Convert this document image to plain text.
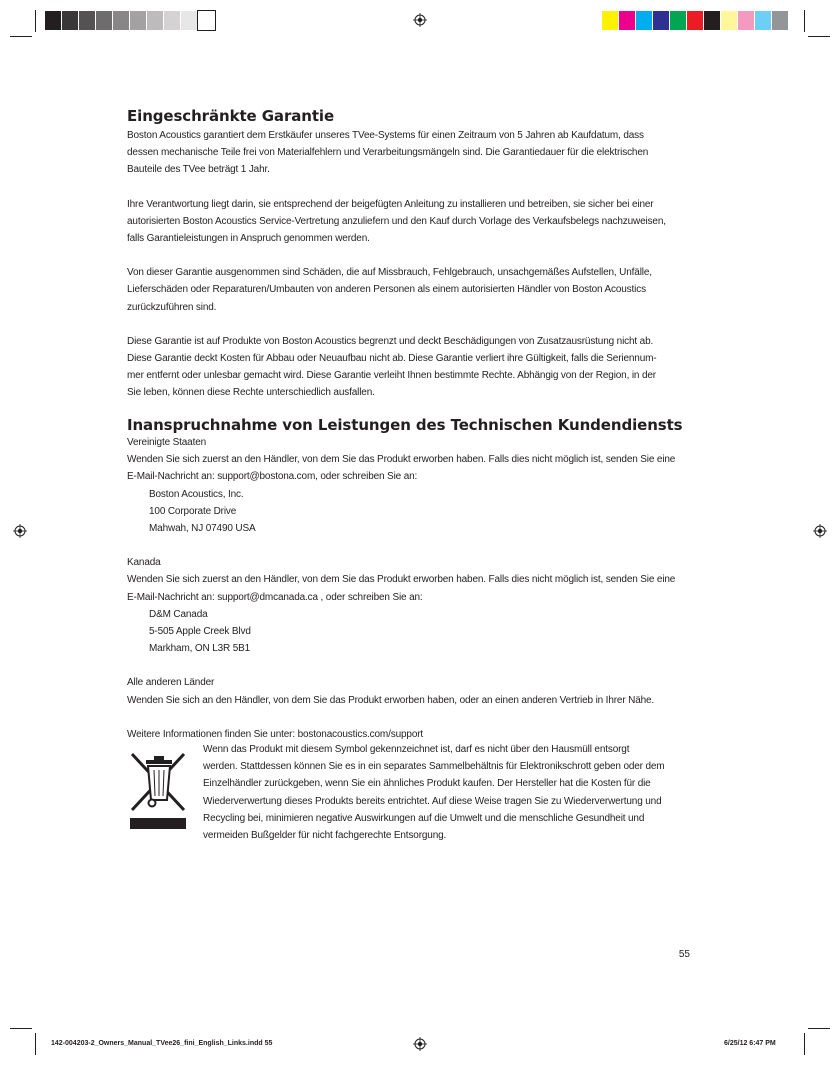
Eingeschränkte Garantie

Boston Acoustics garantiert dem Erstkäufer unseres TVee-Systems für einen Zeitraum von 5 Jahren ab Kaufdatum, dass
dessen mechanische Teile frei von Materialfehlern und Verarbeitungsmängeln sind. Die Garantiedauer für die elektrischen
Bauteile des TVee beträgt 1 Jahr.

Ihre Verantwortung liegt darin, sie entsprechend der beigefügten Anleitung zu installieren und betreiben, sie sicher bei einer
autorisierten Boston Acoustics Service-Vertretung anzuliefern und den Kauf durch Vorlage des Verkaufsbelegs nachzuweisen,
falls Garantieleistungen in Anspruch genommen werden.

Von dieser Garantie ausgenommen sind Schäden, die auf Missbrauch, Fehlgebrauch, unsachgemäßes Aufstellen, Unfälle,
Lieferschäden oder Reparaturen/Umbauten von anderen Personen als einem autorisierten Händler von Boston Acoustics
zurückzuführen sind.

Diese Garantie ist auf Produkte von Boston Acoustics begrenzt und deckt Beschädigungen von Zusatzausrüstung nicht ab.
Diese Garantie deckt Kosten für Abbau oder Neuaufbau nicht ab. Diese Garantie verliert ihre Gültigkeit, falls die Seriennum-
mer entfernt oder unlesbar gemacht wird. Diese Garantie verleiht Ihnen bestimmte Rechte. Abhängig von der Region, in der
Sie leben, können diese Rechte unterschiedlich ausfallen.

Inanspruchnahme von Leistungen des Technischen Kundendiensts

Vereinigte Staaten
Wenden Sie sich zuerst an den Händler, von dem Sie das Produkt erworben haben. Falls dies nicht möglich ist, senden Sie eine
E-Mail-Nachricht an: support@bostona.com, oder schreiben Sie an:

Boston Acoustics, Inc.
100 Corporate Drive
Mahwah, NJ 07490 USA

Kanada
Wenden Sie sich zuerst an den Händler, von dem Sie das Produkt erworben haben. Falls dies nicht möglich ist, senden Sie eine
E-Mail-Nachricht an: support@dmcanada.ca , oder schreiben Sie an:

D&M Canada
5-505 Apple Creek Blvd
Markham, ON L3R 5B1

Alle anderen Länder
Wenden Sie sich an den Händler, von dem Sie das Produkt erworben haben, oder an einen anderen Vertrieb in Ihrer Nähe.

Weitere Informationen finden Sie unter: bostonacoustics.com/support

Wenn das Produkt mit diesem Symbol gekennzeichnet ist, darf es nicht über den Hausmüll entsorgt
werden. Stattdessen können Sie es in ein separates Sammelbehältnis für Elektronikschrott geben oder dem
Einzelhändler zurückgeben, wenn Sie ein ähnliches Produkt kaufen. Der Hersteller hat die Kosten für die
Wiederverwertung dieses Produkts bereits entrichtet. Auf diese Weise tragen Sie zu Wiederverwertung und
Recycling bei, minimieren negative Auswirkungen auf die Umwelt und die menschliche Gesundheit und
vermeiden Bußgelder für nicht fachgerechte Entsorgung.

55
142-004203-2_Owners_Manual_TVee26_fini_English_Links.indd 55	6/25/12 6:47 PM
